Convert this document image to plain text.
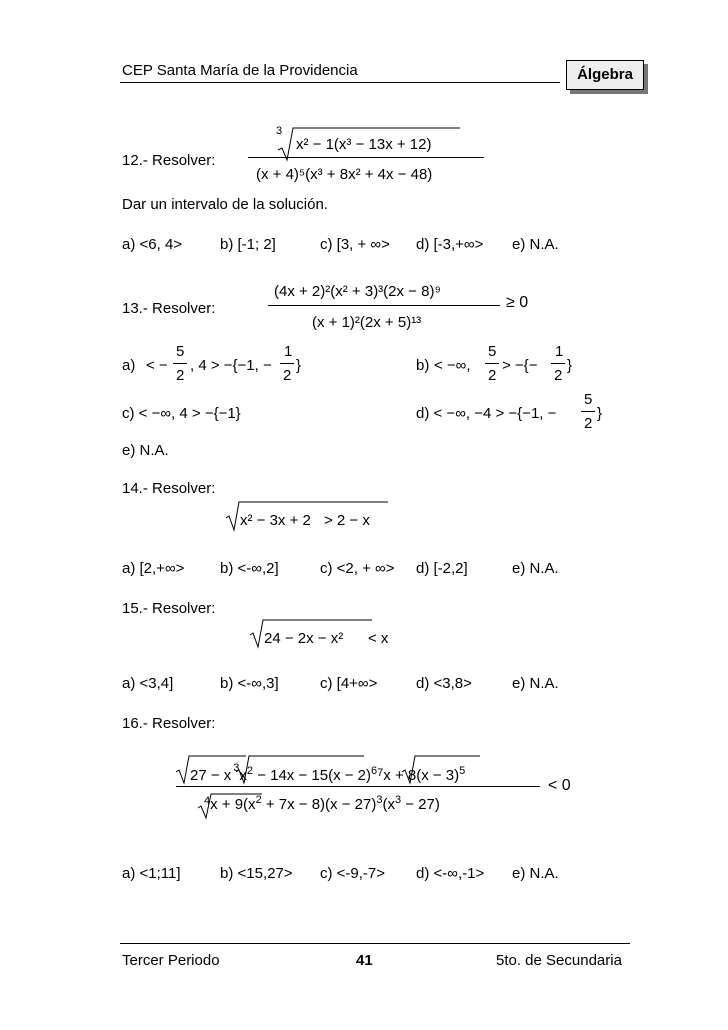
CEP Santa María de la Providencia	Álgebra
12.- Resolver:
3
x² − 1(x³ − 13x + 12)
(x + 4)⁵(x³ + 8x² + 4x − 48)
Dar un intervalo de la solución.
a) <6, 4>	b) [-1; 2]	c) [3, + ∞> d) [-3,+∞> e) N.A.
13.- Resolver:
(4x + 2)²(x² + 3)³(2x − 8)⁹
(x + 1)²(2x + 5)¹³
≥ 0
a) < −
5
2
, 4 > −{−1, −
1
2
}	b) < −∞,
5
2
> −{−
1
2
}
c) < −∞, 4 > −{−1}	d) < −∞, −4 > −{−1, −
5
2
}
e) N.A.
14.- Resolver:
x² − 3x + 2 > 2 − x
a) [2,+∞> b) <-∞,2]	c) <2, + ∞> d) [-2,2]	e) N.A.
15.- Resolver:
24 − 2x − x² < x
a) <3,4]	b) <-∞,3]	c) [4+∞>	d) <3,8>	e) N.A.
16.- Resolver:
27 − x $^3x^2 - 14x - 15(x - 2)^{67}x + 8(x - 3)^5$
$^4x + 9(x^2 + 7x - 8)(x - 27)^3(x^3 - 27)$
< 0
a) <1;11]	b) <15,27> c) <-9,-7> d) <-∞,-1> e) N.A.
Tercer Periodo	41	5to. de Secundaria
